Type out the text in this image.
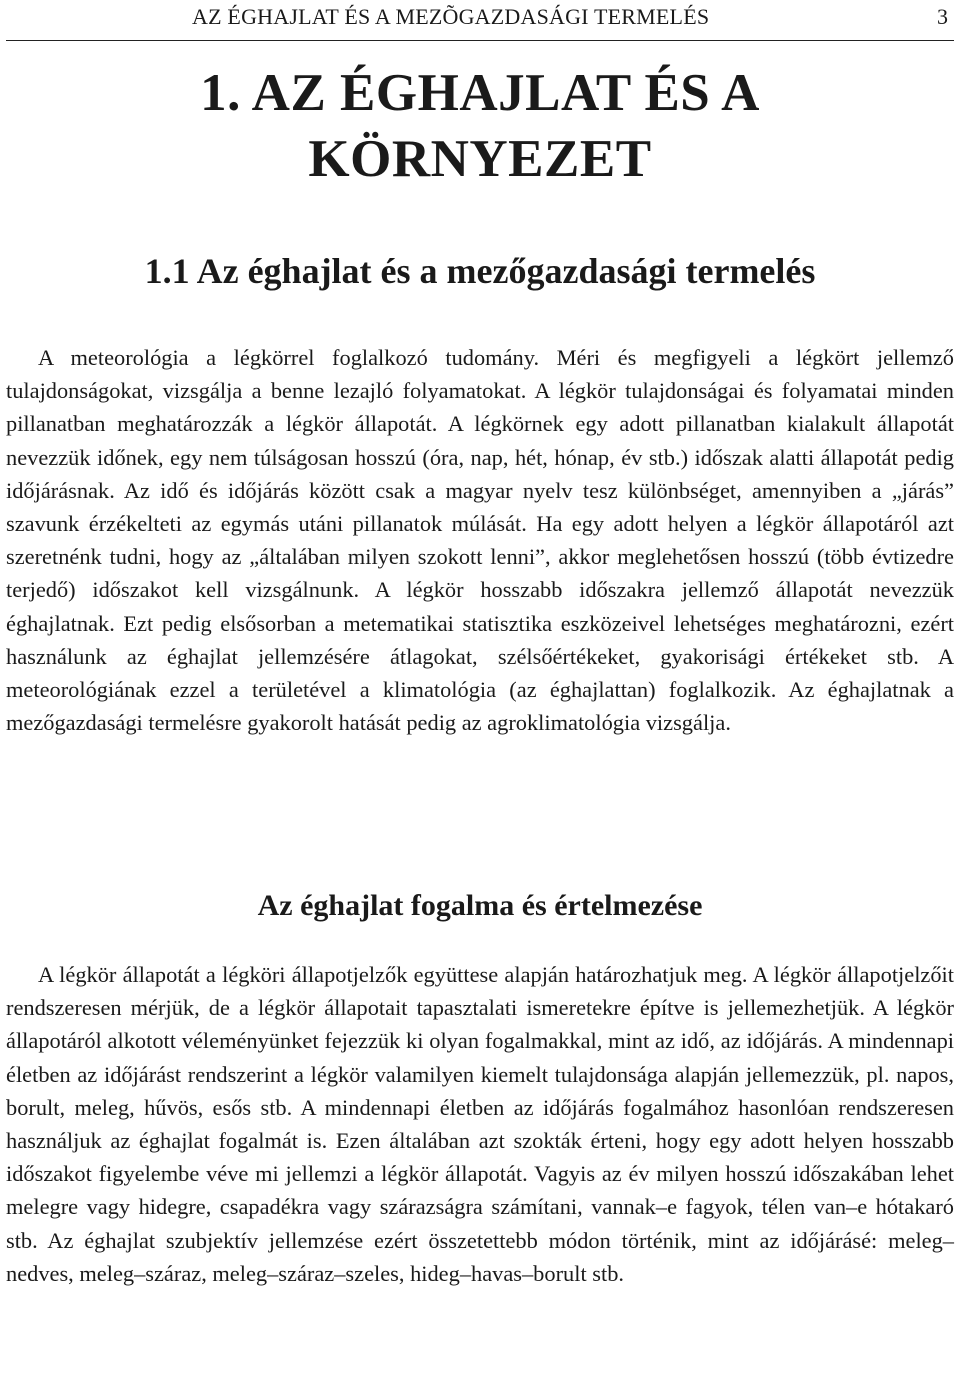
AZ ÉGHAJLAT ÉS A MEZÕGAZDASÁGI TERMELÉS	3
1. AZ ÉGHAJLAT ÉS A KÖRNYEZET
1.1 Az éghajlat és a mezőgazdasági termelés

A meteorológia a légkörrel foglalkozó tudomány. Méri és megfigyeli a légkört jellemző tulajdonságokat, vizsgálja a benne lezajló folyamatokat. A légkör tulajdonságai és folyamatai minden pillanatban meghatározzák a légkör állapotát. A légkörnek egy adott pillanatban kialakult állapotát nevezzük időnek, egy nem túlságosan hosszú (óra, nap, hét, hónap, év stb.) időszak alatti állapotát pedig időjárásnak. Az idő és időjárás között csak a magyar nyelv tesz különbséget, amennyiben a „járás” szavunk érzékelteti az egymás utáni pillanatok múlását. Ha egy adott helyen a légkör állapotáról azt szeretnénk tudni, hogy az „általában milyen szokott lenni”, akkor meglehetősen hosszú (több évtizedre terjedő) időszakot kell vizsgálnunk. A légkör hosszabb időszakra jellemző állapotát nevezzük éghajlatnak. Ezt pedig elsősorban a metematikai statisztika eszközeivel lehetséges meghatározni, ezért használunk az éghajlat jellemzésére átlagokat, szélsőértékeket, gyakorisági értékeket stb. A meteorológiának ezzel a területével a klimatológia (az éghajlattan) foglalkozik. Az éghajlatnak a mezőgazdasági termelésre gyakorolt hatását pedig az agroklimatológia vizsgálja.

Az éghajlat fogalma és értelmezése

A légkör állapotát a légköri állapotjelzők együttese alapján határozhatjuk meg. A légkör állapotjelzőit rendszeresen mérjük, de a légkör állapotait tapasztalati ismeretekre építve is jellemezhetjük. A légkör állapotáról alkotott véleményünket fejezzük ki olyan fogalmakkal, mint az idő, az időjárás. A mindennapi életben az időjárást rendszerint a légkör valamilyen kiemelt tulajdonsága alapján jellemezzük, pl. napos, borult, meleg, hűvös, esős stb. A mindennapi életben az időjárás fogalmához hasonlóan rendszeresen használjuk az éghajlat fogalmát is. Ezen általában azt szokták érteni, hogy egy adott helyen hosszabb időszakot figyelembe véve mi jellemzi a légkör állapotát. Vagyis az év milyen hosszú időszakában lehet melegre vagy hidegre, csapadékra vagy szárazságra számítani, vannak–e fagyok, télen van–e hótakaró stb. Az éghajlat szubjektív jellemzése ezért összetettebb módon történik, mint az időjárásé: meleg–nedves, meleg–száraz, meleg–száraz–szeles, hideg–havas–borult stb.
